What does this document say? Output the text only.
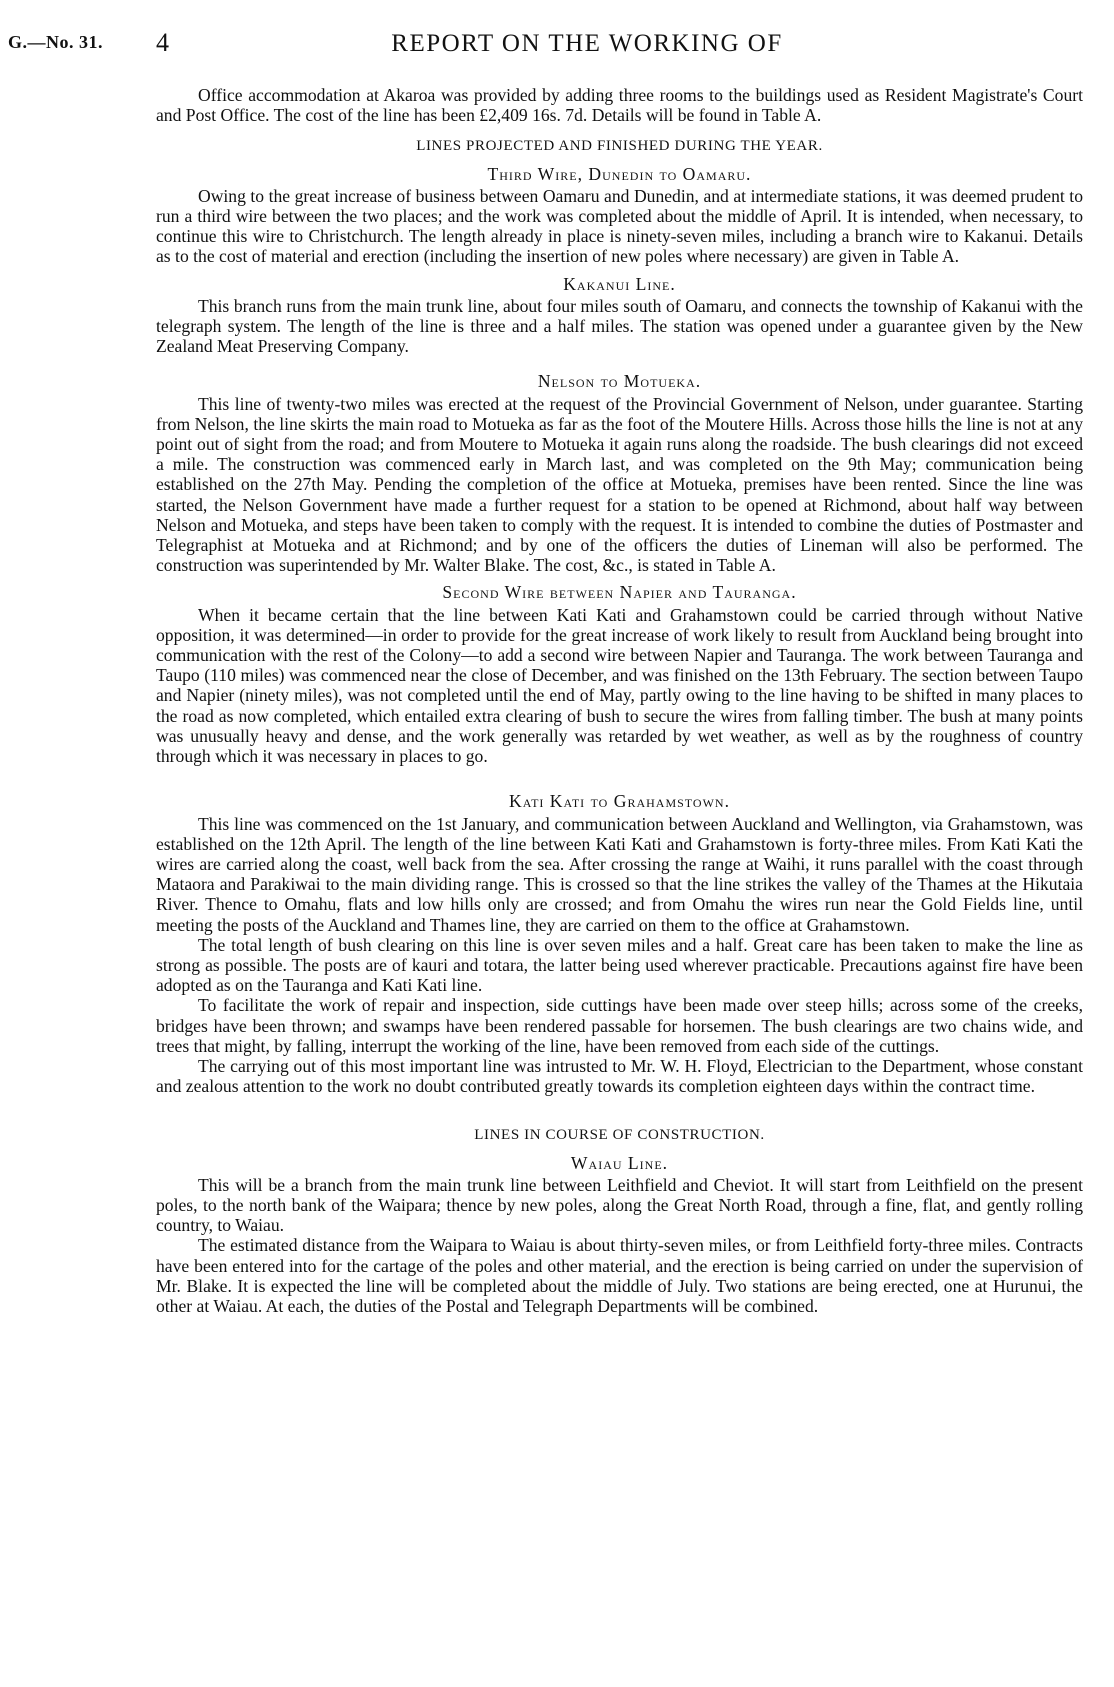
G.—No. 31. 4	REPORT ON THE WORKING OF

Office accommodation at Akaroa was provided by adding three rooms to the buildings used as Resident Magistrate's Court and Post Office. The cost of the line has been £2,409 16s. 7d. Details will be found in Table A.

LINES PROJECTED AND FINISHED DURING THE YEAR.
Third Wire, Dunedin to Oamaru.

Owing to the great increase of business between Oamaru and Dunedin, and at intermediate stations, it was deemed prudent to run a third wire between the two places; and the work was completed about the middle of April. It is intended, when necessary, to continue this wire to Christchurch. The length already in place is ninety-seven miles, including a branch wire to Kakanui. Details as to the cost of material and erection (including the insertion of new poles where necessary) are given in Table A.

Kakanui Line.

This branch runs from the main trunk line, about four miles south of Oamaru, and connects the township of Kakanui with the telegraph system. The length of the line is three and a half miles. The station was opened under a guarantee given by the New Zealand Meat Preserving Company.

Nelson to Motueka.

This line of twenty-two miles was erected at the request of the Provincial Government of Nelson, under guarantee. Starting from Nelson, the line skirts the main road to Motueka as far as the foot of the Moutere Hills. Across those hills the line is not at any point out of sight from the road; and from Moutere to Motueka it again runs along the roadside. The bush clearings did not exceed a mile. The construction was commenced early in March last, and was completed on the 9th May; communication being established on the 27th May. Pending the completion of the office at Motueka, premises have been rented. Since the line was started, the Nelson Government have made a further request for a station to be opened at Richmond, about half way between Nelson and Motueka, and steps have been taken to comply with the request. It is intended to combine the duties of Postmaster and Telegraphist at Motueka and at Richmond; and by one of the officers the duties of Lineman will also be performed. The construction was superintended by Mr. Walter Blake. The cost, &c., is stated in Table A.

Second Wire between Napier and Tauranga.

When it became certain that the line between Kati Kati and Grahamstown could be carried through without Native opposition, it was determined—in order to provide for the great increase of work likely to result from Auckland being brought into communication with the rest of the Colony—to add a second wire between Napier and Tauranga. The work between Tauranga and Taupo (110 miles) was commenced near the close of December, and was finished on the 13th February. The section between Taupo and Napier (ninety miles), was not completed until the end of May, partly owing to the line having to be shifted in many places to the road as now completed, which entailed extra clearing of bush to secure the wires from falling timber. The bush at many points was unusually heavy and dense, and the work generally was retarded by wet weather, as well as by the roughness of country through which it was necessary in places to go.

Kati Kati to Grahamstown.

This line was commenced on the 1st January, and communication between Auckland and Wellington, via Grahamstown, was established on the 12th April. The length of the line between Kati Kati and Grahamstown is forty-three miles. From Kati Kati the wires are carried along the coast, well back from the sea. After crossing the range at Waihi, it runs parallel with the coast through Mataora and Parakiwai to the main dividing range. This is crossed so that the line strikes the valley of the Thames at the Hikutaia River. Thence to Omahu, flats and low hills only are crossed; and from Omahu the wires run near the Gold Fields line, until meeting the posts of the Auckland and Thames line, they are carried on them to the office at Grahamstown.

The total length of bush clearing on this line is over seven miles and a half. Great care has been taken to make the line as strong as possible. The posts are of kauri and totara, the latter being used wherever practicable. Precautions against fire have been adopted as on the Tauranga and Kati Kati line.

To facilitate the work of repair and inspection, side cuttings have been made over steep hills; across some of the creeks, bridges have been thrown; and swamps have been rendered passable for horsemen. The bush clearings are two chains wide, and trees that might, by falling, interrupt the working of the line, have been removed from each side of the cuttings.

The carrying out of this most important line was intrusted to Mr. W. H. Floyd, Electrician to the Department, whose constant and zealous attention to the work no doubt contributed greatly towards its completion eighteen days within the contract time.

LINES IN COURSE OF CONSTRUCTION.
Waiau Line.

This will be a branch from the main trunk line between Leithfield and Cheviot. It will start from Leithfield on the present poles, to the north bank of the Waipara; thence by new poles, along the Great North Road, through a fine, flat, and gently rolling country, to Waiau.

The estimated distance from the Waipara to Waiau is about thirty-seven miles, or from Leithfield forty-three miles. Contracts have been entered into for the cartage of the poles and other material, and the erection is being carried on under the supervision of Mr. Blake. It is expected the line will be completed about the middle of July. Two stations are being erected, one at Hurunui, the other at Waiau. At each, the duties of the Postal and Telegraph Departments will be combined.
